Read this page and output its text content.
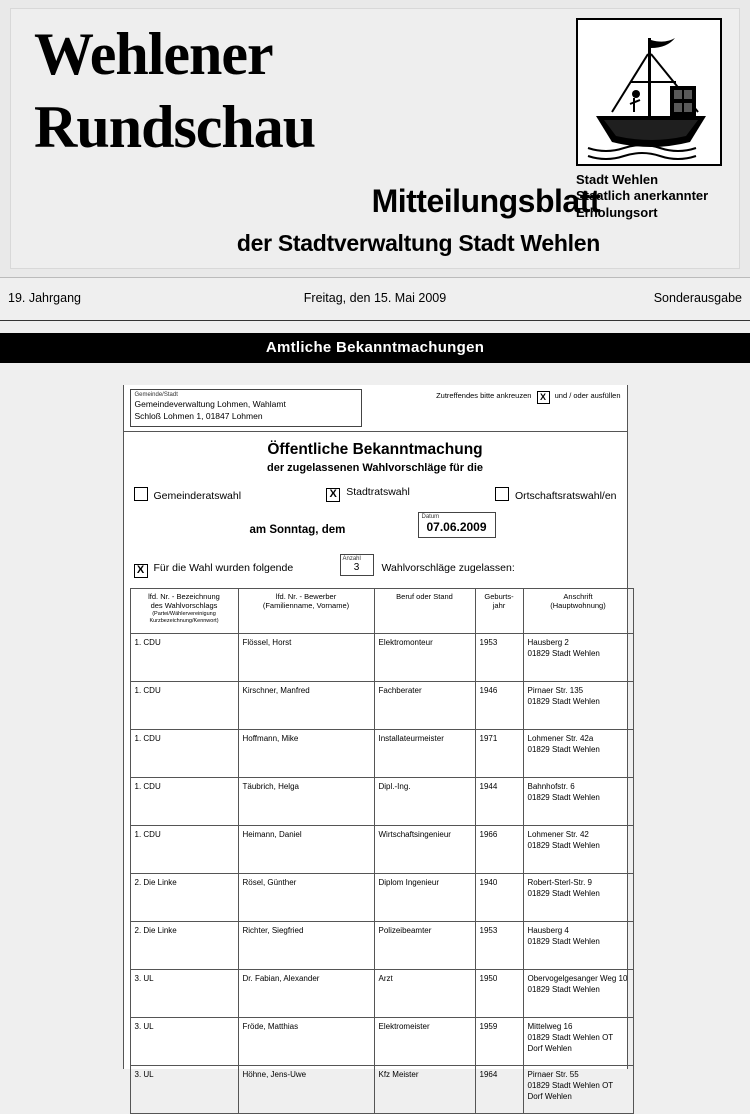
Wehlener
Rundschau
Mitteilungsblatt
der Stadtverwaltung Stadt Wehlen
Stadt Wehlen
Staatlich anerkannter
Erholungsort
19. Jahrgang	Freitag, den 15. Mai 2009	Sonderausgabe
Amtliche Bekanntmachungen
Gemeinde/Stadt
Gemeindeverwaltung Lohmen, Wahlamt
Schloß Lohmen 1, 01847 Lohmen
Zutreffendes bitte ankreuzen X und / oder ausfüllen
Öffentliche Bekanntmachung
der zugelassenen Wahlvorschläge für die
Gemeinderatswahl	X Stadtratswahl	Ortschaftsratswahl/en
am Sonntag, dem
Datum
07.06.2009
X Für die Wahl wurden folgende
Anzahl
3	Wahlvorschläge zugelassen:
lfd. Nr. - Bezeichnung
des Wahlvorschlags
(Partei/Wählervereinigung
Kurzbezeichnung/Kennwort)

lfd. Nr. - Bewerber
(Familienname, Vorname)

Beruf oder Stand	Geburts-
jahr

Anschrift
(Hauptwohnung)

1. CDU	Flössel, Horst	Elektromonteur	1953	Hausberg 2
01829 Stadt Wehlen

1. CDU	Kirschner, Manfred	Fachberater	1946	Pirnaer Str. 135
01829 Stadt Wehlen

1. CDU	Hoffmann, Mike	Installateurmeister	1971	Lohmener Str. 42a
01829 Stadt Wehlen

1. CDU	Täubrich, Helga	Dipl.-Ing.	1944	Bahnhofstr. 6
01829 Stadt Wehlen

1. CDU	Heimann, Daniel	Wirtschaftsingenieur	1966	Lohmener Str. 42
01829 Stadt Wehlen

2. Die Linke	Rösel, Günther	Diplom Ingenieur	1940	Robert-Sterl-Str. 9
01829 Stadt Wehlen

2. Die Linke	Richter, Siegfried	Polizeibeamter	1953	Hausberg 4
01829 Stadt Wehlen

3. UL	Dr. Fabian, Alexander	Arzt	1950	Obervogelgesanger Weg 10
01829 Stadt Wehlen

3. UL	Fröde, Matthias	Elektromeister	1959	Mittelweg 16
01829 Stadt Wehlen OT Dorf Wehlen

3. UL	Höhne, Jens-Uwe	Kfz Meister	1964	Pirnaer Str. 55
01829 Stadt Wehlen OT Dorf Wehlen
